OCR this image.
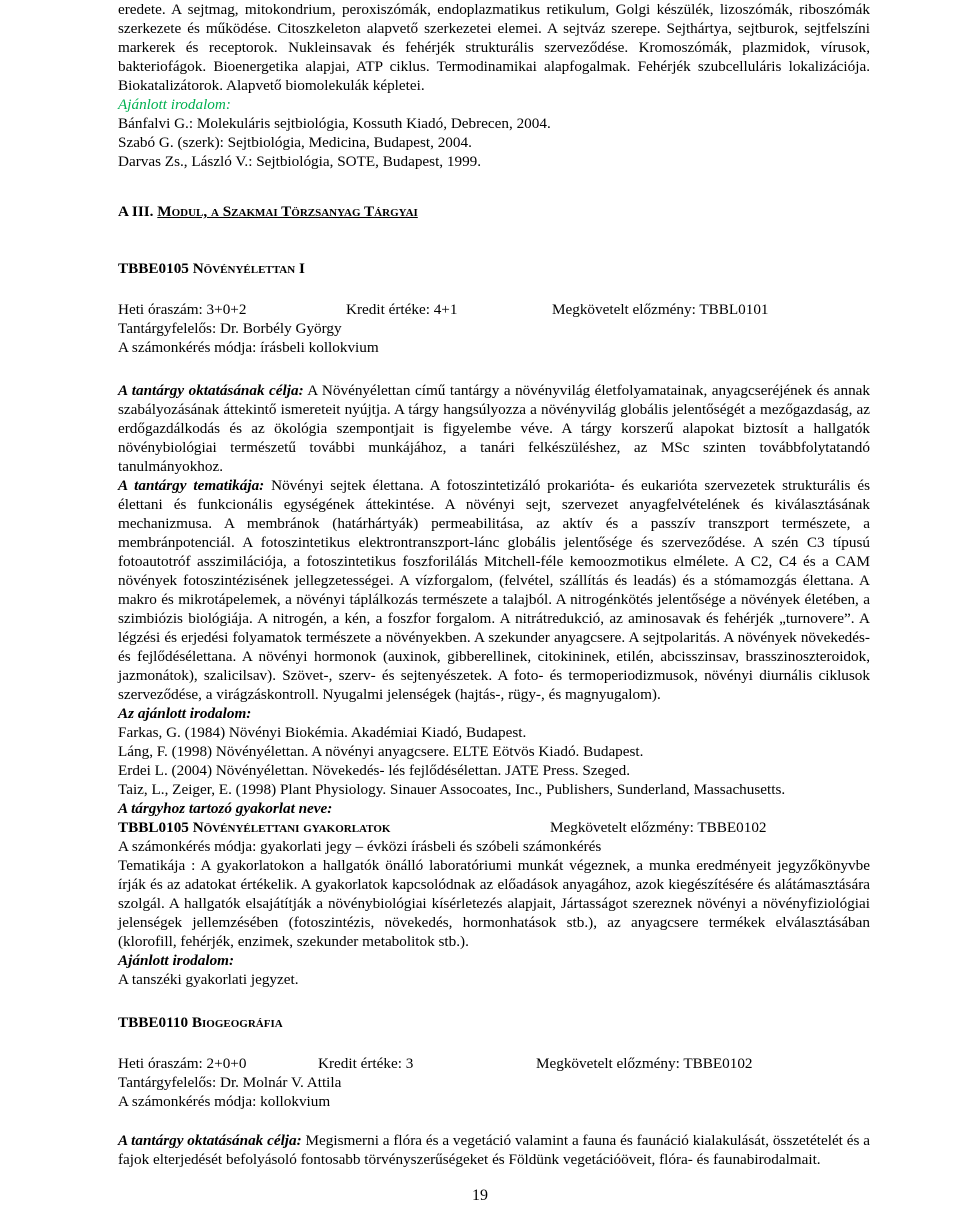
eredete. A sejtmag, mitokondrium, peroxiszómák, endoplazmatikus retikulum, Golgi készülék, lizoszómák, riboszómák szerkezete és működése. Citoszkeleton alapvető szerkezetei elemei. A sejtváz szerepe. Sejthártya, sejtburok, sejtfelszíni markerek és receptorok. Nukleinsavak és fehérjék strukturális szerveződése. Kromoszómák, plazmidok, vírusok, bakteriofágok. Bioenergetika alapjai, ATP ciklus. Termodinamikai alapfogalmak. Fehérjék szubcelluláris lokalizációja. Biokatalizátorok. Alapvető biomolekulák képletei.

Ajánlott irodalom:

Bánfalvi G.: Molekuláris sejtbiológia, Kossuth Kiadó, Debrecen, 2004.

Szabó G. (szerk): Sejtbiológia, Medicina, Budapest, 2004.

Darvas Zs., László V.: Sejtbiológia, SOTE, Budapest, 1999.

A III. Modul, a Szakmai Törzsanyag Tárgyai

TBBE0105 Növényélettan I

Heti óraszám: 3+0+2	Kredit értéke: 4+1	Megkövetelt előzmény: TBBL0101

Tantárgyfelelős: Dr. Borbély György

A számonkérés módja: írásbeli kollokvium

A tantárgy oktatásának célja: A Növényélettan című tantárgy a növényvilág életfolyamatainak, anyagcseréjének és annak szabályozásának áttekintő ismereteit nyújtja. A tárgy hangsúlyozza a növényvilág globális jelentőségét a mezőgazdaság, az erdőgazdálkodás és az ökológia szempontjait is figyelembe véve. A tárgy korszerű alapokat biztosít a hallgatók növénybiológiai természetű további munkájához, a tanári felkészüléshez, az MSc szinten továbbfolytatandó tanulmányokhoz.

A tantárgy tematikája: Növényi sejtek élettana. A fotoszintetizáló prokarióta- és eukarióta szervezetek strukturális és élettani és funkcionális egységének áttekintése. A növényi sejt, szervezet anyagfelvételének és kiválasztásának mechanizmusa. A membránok (határhártyák) permeabilitása, az aktív és a passzív transzport természete, a membránpotenciál. A fotoszintetikus elektrontranszport-lánc globális jelentősége és szerveződése. A szén C3 típusú fotoautotróf asszimilációja, a fotoszintetikus foszforilálás Mitchell-féle kemoozmotikus elmélete. A C2, C4 és a CAM növények fotoszintézisének jellegzetességei. A vízforgalom, (felvétel, szállítás és leadás) és a stómamozgás élettana. A makro és mikrotápelemek, a növényi táplálkozás természete a talajból. A nitrogénkötés jelentősége a növények életében, a szimbiózis biológiája. A nitrogén, a kén, a foszfor forgalom. A nitrátredukció, az aminosavak és fehérjék „turnovere”. A légzési és erjedési folyamatok természete a növényekben. A szekunder anyagcsere. A sejtpolaritás. A növények növekedés- és fejlődésélettana. A növényi hormonok (auxinok, gibberellinek, citokininek, etilén, abcisszinsav, brasszinoszteroidok, jazmonátok), szalicilsav). Szövet-, szerv- és sejtenyészetek. A foto- és termoperiodizmusok, növényi diurnális ciklusok szerveződése, a virágzáskontroll. Nyugalmi jelenségek (hajtás-, rügy-, és magnyugalom).

Az ajánlott irodalom:

Farkas, G. (1984) Növényi Biokémia. Akadémiai Kiadó, Budapest.

Láng, F. (1998) Növényélettan. A növényi anyagcsere. ELTE Eötvös Kiadó. Budapest.

Erdei L. (2004) Növényélettan. Növekedés- lés fejlődésélettan. JATE Press. Szeged.

Taiz, L., Zeiger, E. (1998) Plant Physiology. Sinauer Assocoates, Inc., Publishers, Sunderland, Massachusetts.

A tárgyhoz tartozó gyakorlat neve:

TBBL0105 Növényélettani gyakorlatok	Megkövetelt előzmény: TBBE0102

A számonkérés módja: gyakorlati jegy – évközi írásbeli és szóbeli számonkérés

Tematikája : A gyakorlatokon a hallgatók önálló laboratóriumi munkát végeznek, a munka eredményeit jegyzőkönyvbe írják és az adatokat értékelik. A gyakorlatok kapcsolódnak az előadások anyagához, azok kiegészítésére és alátámasztására szolgál. A hallgatók elsajátítják a növénybiológiai kísérletezés alapjait, Jártasságot szereznek növényi a növényfiziológiai jelenségek jellemzésében (fotoszintézis, növekedés, hormonhatások stb.), az anyagcsere termékek elválasztásában (klorofill, fehérjék, enzimek, szekunder metabolitok stb.).

Ajánlott irodalom:

A tanszéki gyakorlati jegyzet.

TBBE0110 Biogeográfia

Heti óraszám: 2+0+0	Kredit értéke: 3	Megkövetelt előzmény: TBBE0102

Tantárgyfelelős: Dr. Molnár V. Attila

A számonkérés módja: kollokvium

A tantárgy oktatásának célja: Megismerni a flóra és a vegetáció valamint a fauna és faunáció kialakulását, összetételét és a fajok elterjedését befolyásoló fontosabb törvényszerűségeket és Földünk vegetációöveit, flóra- és faunabirodalmait.

19
